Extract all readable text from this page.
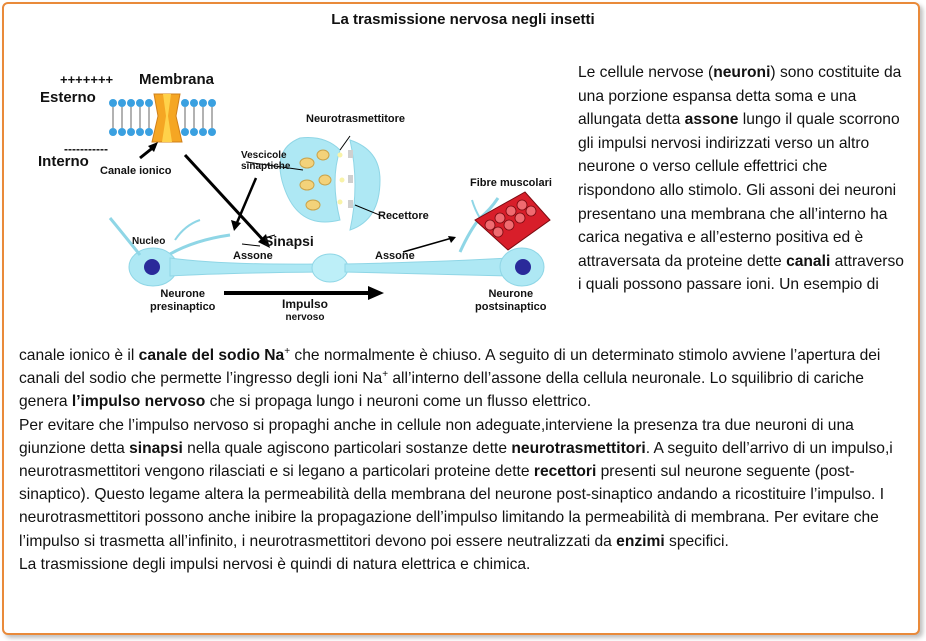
La trasmissione nervosa negli insetti
+++++++ Membrana
Esterno
-----------
Interno
Canale ionico
Neurotrasmettitore
Vescicole
sinaptiche
Recettore
Fibre muscolari
Nucleo	Sinapsi
Assone	Assone
Neurone
presinaptico	Impulso
nervoso
Neurone
postsinaptico

Le cellule nervose (neuroni) sono costituite da una porzione espansa detta soma e una allungata detta assone lungo il quale scorrono gli impulsi nervosi indirizzati verso un altro neurone o verso cellule effettrici che rispondono allo stimolo. Gli assoni dei neuroni presentano una membrana che all’interno ha carica negativa e all’esterno positiva ed è attraversata da proteine dette canali attraverso i quali possono passare ioni. Un esempio di

canale ionico è il canale del sodio Na+ che normalmente è chiuso. A seguito di un determinato stimolo avviene l’apertura dei canali del sodio che permette l’ingresso degli ioni Na+ all’interno dell’assone della cellula neuronale. Lo squilibrio di cariche genera l’impulso nervoso che si propaga lungo i neuroni come un flusso elettrico.

Per evitare che l’impulso nervoso si propaghi anche in cellule non adeguate,interviene la presenza tra due neuroni di una giunzione detta sinapsi nella quale agiscono particolari sostanze dette neurotrasmettitori. A seguito dell’arrivo di un impulso,i neurotrasmettitori vengono rilasciati e si legano a particolari proteine dette recettori presenti sul neurone seguente (post-sinaptico). Questo legame altera la permeabilità della membrana del neurone post-sinaptico andando a ricostituire l’impulso. I neurotrasmettitori possono anche inibire la propagazione dell’impulso limitando la permeabilità di membrana. Per evitare che l’impulso si trasmetta all’infinito, i neurotrasmettitori devono poi essere neutralizzati da enzimi specifici.

La trasmissione degli impulsi nervosi è quindi di natura elettrica e chimica.
